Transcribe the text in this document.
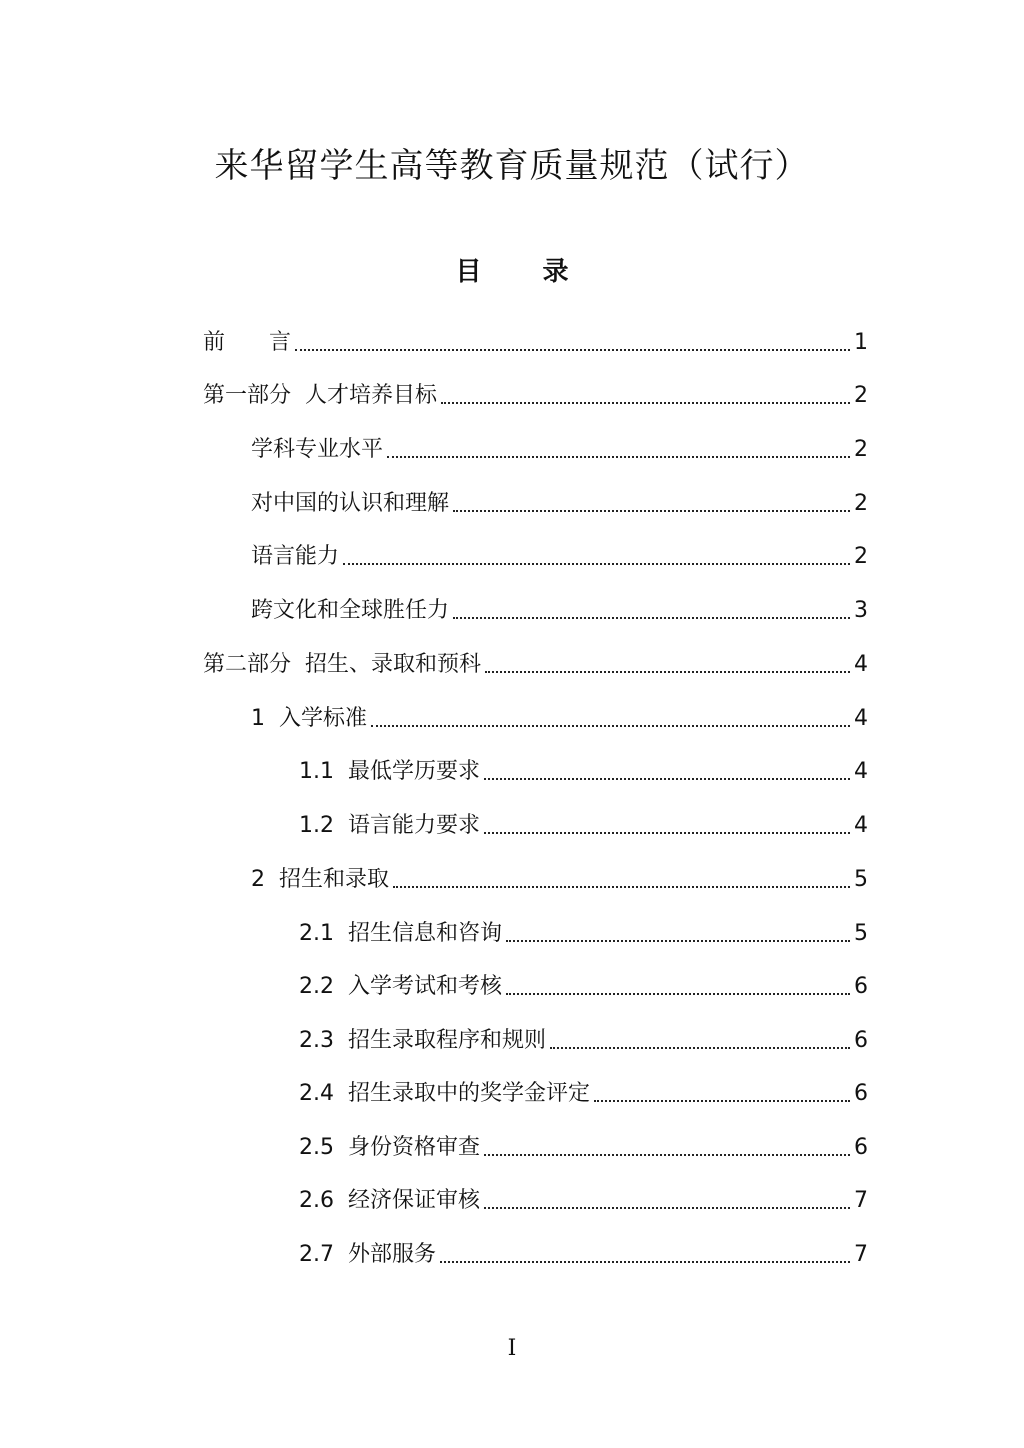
来华留学生高等教育质量规范（试行）
目 录
前　　言	1
第一部分  人才培养目标	2
学科专业水平	2
对中国的认识和理解	2
语言能力	2
跨文化和全球胜任力	3
第二部分  招生、录取和预科	4
1  入学标准	4
1.1  最低学历要求	4
1.2  语言能力要求	4
2  招生和录取	5
2.1  招生信息和咨询	5
2.2  入学考试和考核	6
2.3  招生录取程序和规则	6
2.4  招生录取中的奖学金评定	6
2.5  身份资格审查	6
2.6  经济保证审核	7
2.7  外部服务	7
I
